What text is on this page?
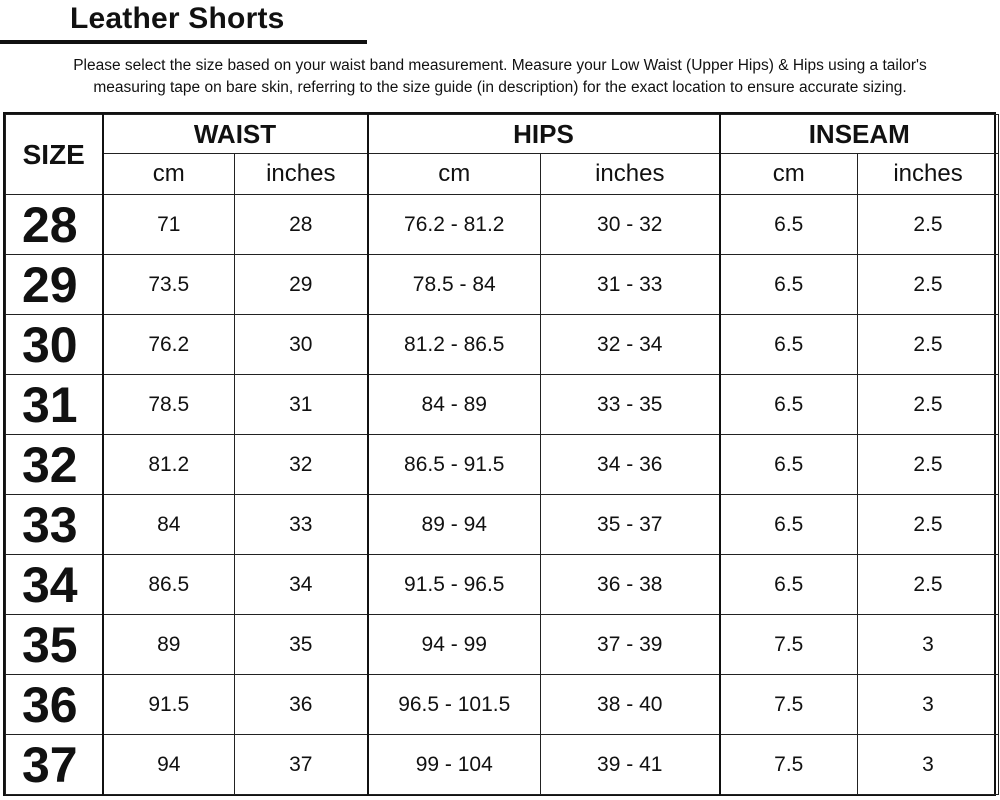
Leather Shorts
Please select the size based on your waist band measurement. Measure your Low Waist (Upper Hips) & Hips using a tailor's
measuring tape on bare skin, referring to the size guide (in description) for the exact location to ensure accurate sizing.
SIZE	WAIST		HIPS		INSEAM	
	cm	inches	cm	inches	cm	inches
28	71	28	76.2 - 81.2	30 - 32	6.5	2.5
29	73.5	29	78.5 - 84	31 - 33	6.5	2.5
30	76.2	30	81.2 - 86.5	32 - 34	6.5	2.5
31	78.5	31	84 - 89	33 - 35	6.5	2.5
32	81.2	32	86.5 - 91.5	34 - 36	6.5	2.5
33	84	33	89 - 94	35 - 37	6.5	2.5
34	86.5	34	91.5 - 96.5	36 - 38	6.5	2.5
35	89	35	94 - 99	37 - 39	7.5	3
36	91.5	36	96.5 - 101.5	38 - 40	7.5	3
37	94	37	99 - 104	39 - 41	7.5	3
